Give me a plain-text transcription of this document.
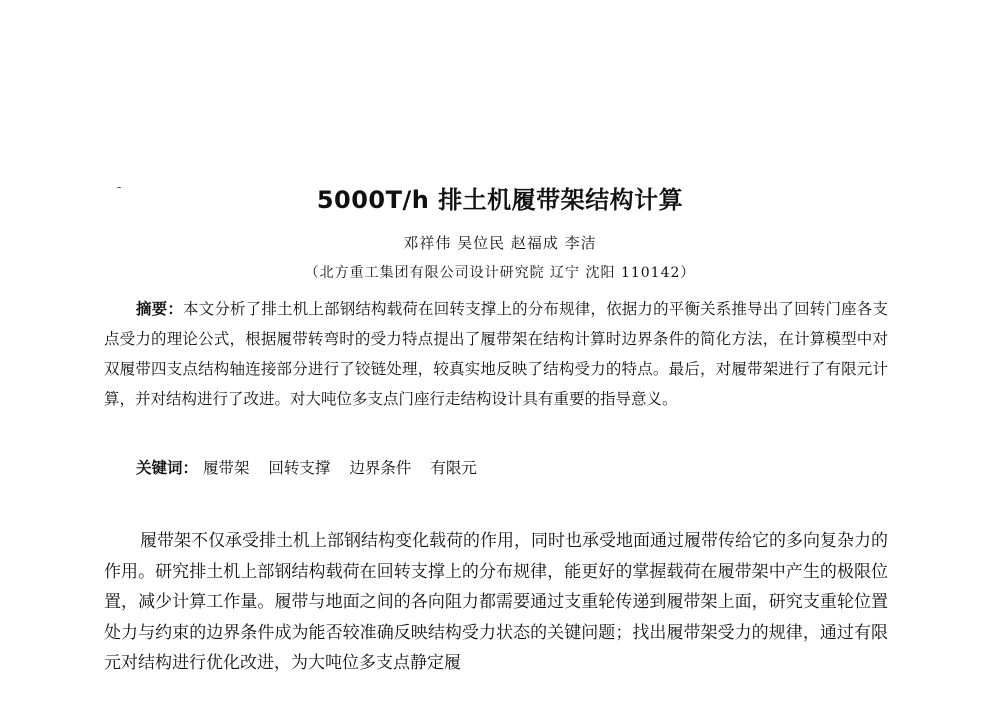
-	5000T/h 排土机履带架结构计算
邓祥伟 吴位民 赵福成 李洁
（北方重工集团有限公司设计研究院 辽宁 沈阳 110142）
摘要：本文分析了排土机上部钢结构载荷在回转支撑上的分布规律，依据力的平衡关系推导出了回转门座各支点受力的理论公式，根据履带转弯时的受力特点提出了履带架在结构计算时边界条件的简化方法，在计算模型中对双履带四支点结构轴连接部分进行了铰链处理，较真实地反映了结构受力的特点。最后，对履带架进行了有限元计算，并对结构进行了改进。对大吨位多支点门座行走结构设计具有重要的指导意义。
关键词： 履带架 回转支撑 边界条件 有限元
履带架不仅承受排土机上部钢结构变化载荷的作用，同时也承受地面通过履带传给它的多向复杂力的作用。研究排土机上部钢结构载荷在回转支撑上的分布规律，能更好的掌握载荷在履带架中产生的极限位置，减少计算工作量。履带与地面之间的各向阻力都需要通过支重轮传递到履带架上面，研究支重轮位置处力与约束的边界条件成为能否较准确反映结构受力状态的关键问题；找出履带架受力的规律，通过有限元对结构进行优化改进，为大吨位多支点静定履
